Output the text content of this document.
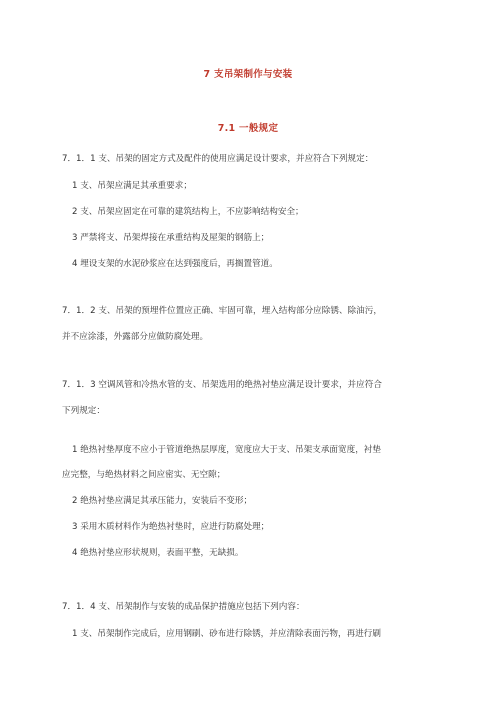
7 支吊架制作与安装
7.1 一般规定
7．1．1 支、吊架的固定方式及配件的使用应满足设计要求，并应符合下列规定：
1 支、吊架应满足其承重要求；
2 支、吊架应固定在可靠的建筑结构上，不应影响结构安全；
3 严禁将支、吊架焊接在承重结构及屋架的钢筋上；
4 埋设支架的水泥砂浆应在达到强度后，再搁置管道。
7．1．2 支、吊架的预埋件位置应正确、牢固可靠，埋入结构部分应除锈、除油污，
并不应涂漆，外露部分应做防腐处理。
7．1．3 空调风管和冷热水管的支、吊架选用的绝热衬垫应满足设计要求，并应符合
下列规定：
1 绝热衬垫厚度不应小于管道绝热层厚度，宽度应大于支、吊架支承面宽度，衬垫
应完整，与绝热材料之间应密实、无空隙；
2 绝热衬垫应满足其承压能力，安装后不变形；
3 采用木质材料作为绝热衬垫时，应进行防腐处理；
4 绝热衬垫应形状规则，表面平整，无缺损。
7．1．4 支、吊架制作与安装的成品保护措施应包括下列内容：
1 支、吊架制作完成后，应用钢刷、砂布进行除锈，并应清除表面污物，再进行刷
